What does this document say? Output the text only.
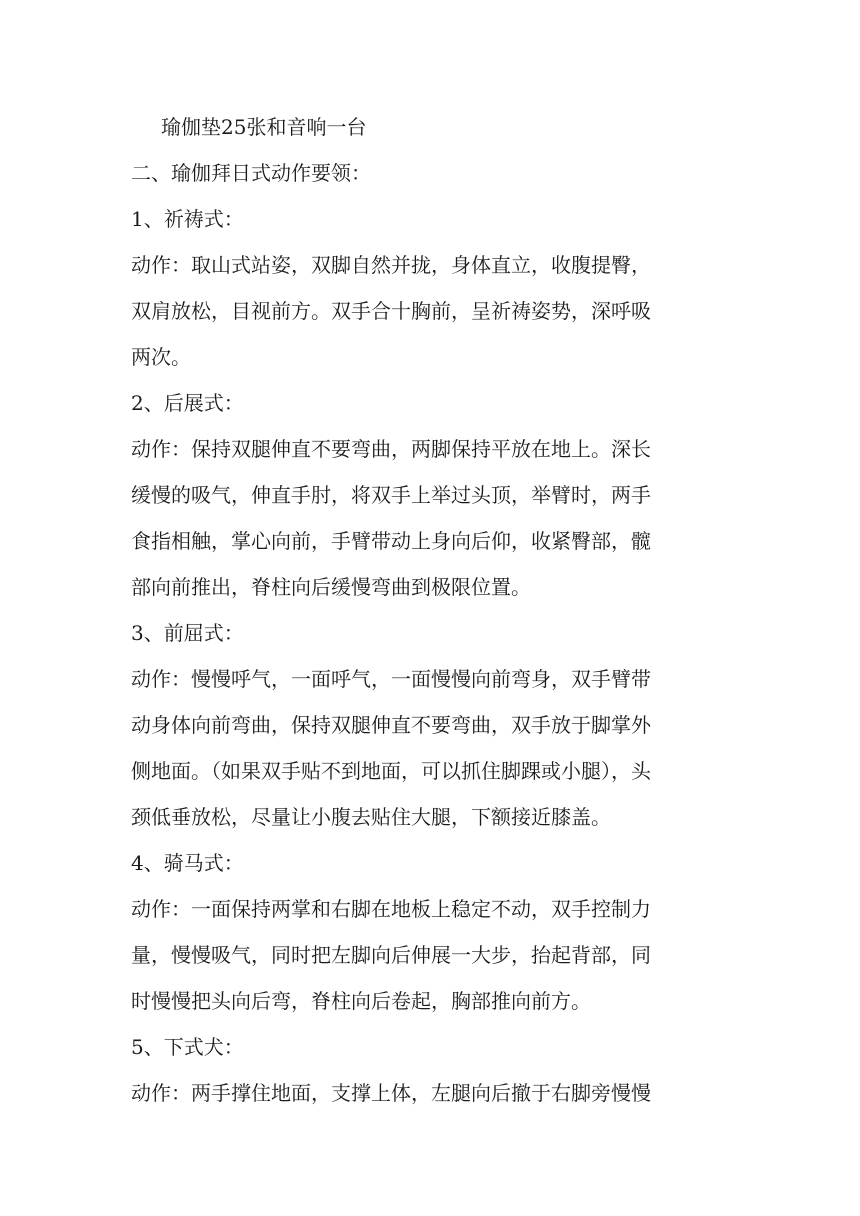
瑜伽垫25张和音响一台
二、瑜伽拜日式动作要领：
1、祈祷式：
动作：取山式站姿，双脚自然并拢，身体直立，收腹提臀，
双肩放松，目视前方。双手合十胸前，呈祈祷姿势，深呼吸
两次。
2、后展式：
动作：保持双腿伸直不要弯曲，两脚保持平放在地上。深长
缓慢的吸气，伸直手肘，将双手上举过头顶，举臂时，两手
食指相触，掌心向前，手臂带动上身向后仰，收紧臀部，髋
部向前推出，脊柱向后缓慢弯曲到极限位置。
3、前屈式：
动作：慢慢呼气，一面呼气，一面慢慢向前弯身，双手臂带
动身体向前弯曲，保持双腿伸直不要弯曲，双手放于脚掌外
侧地面。（如果双手贴不到地面，可以抓住脚踝或小腿），头
颈低垂放松，尽量让小腹去贴住大腿，下额接近膝盖。
4、骑马式：
动作：一面保持两掌和右脚在地板上稳定不动，双手控制力
量，慢慢吸气，同时把左脚向后伸展一大步，抬起背部，同
时慢慢把头向后弯，脊柱向后卷起，胸部推向前方。
5、下式犬：
动作：两手撑住地面，支撑上体，左腿向后撤于右脚旁慢慢
